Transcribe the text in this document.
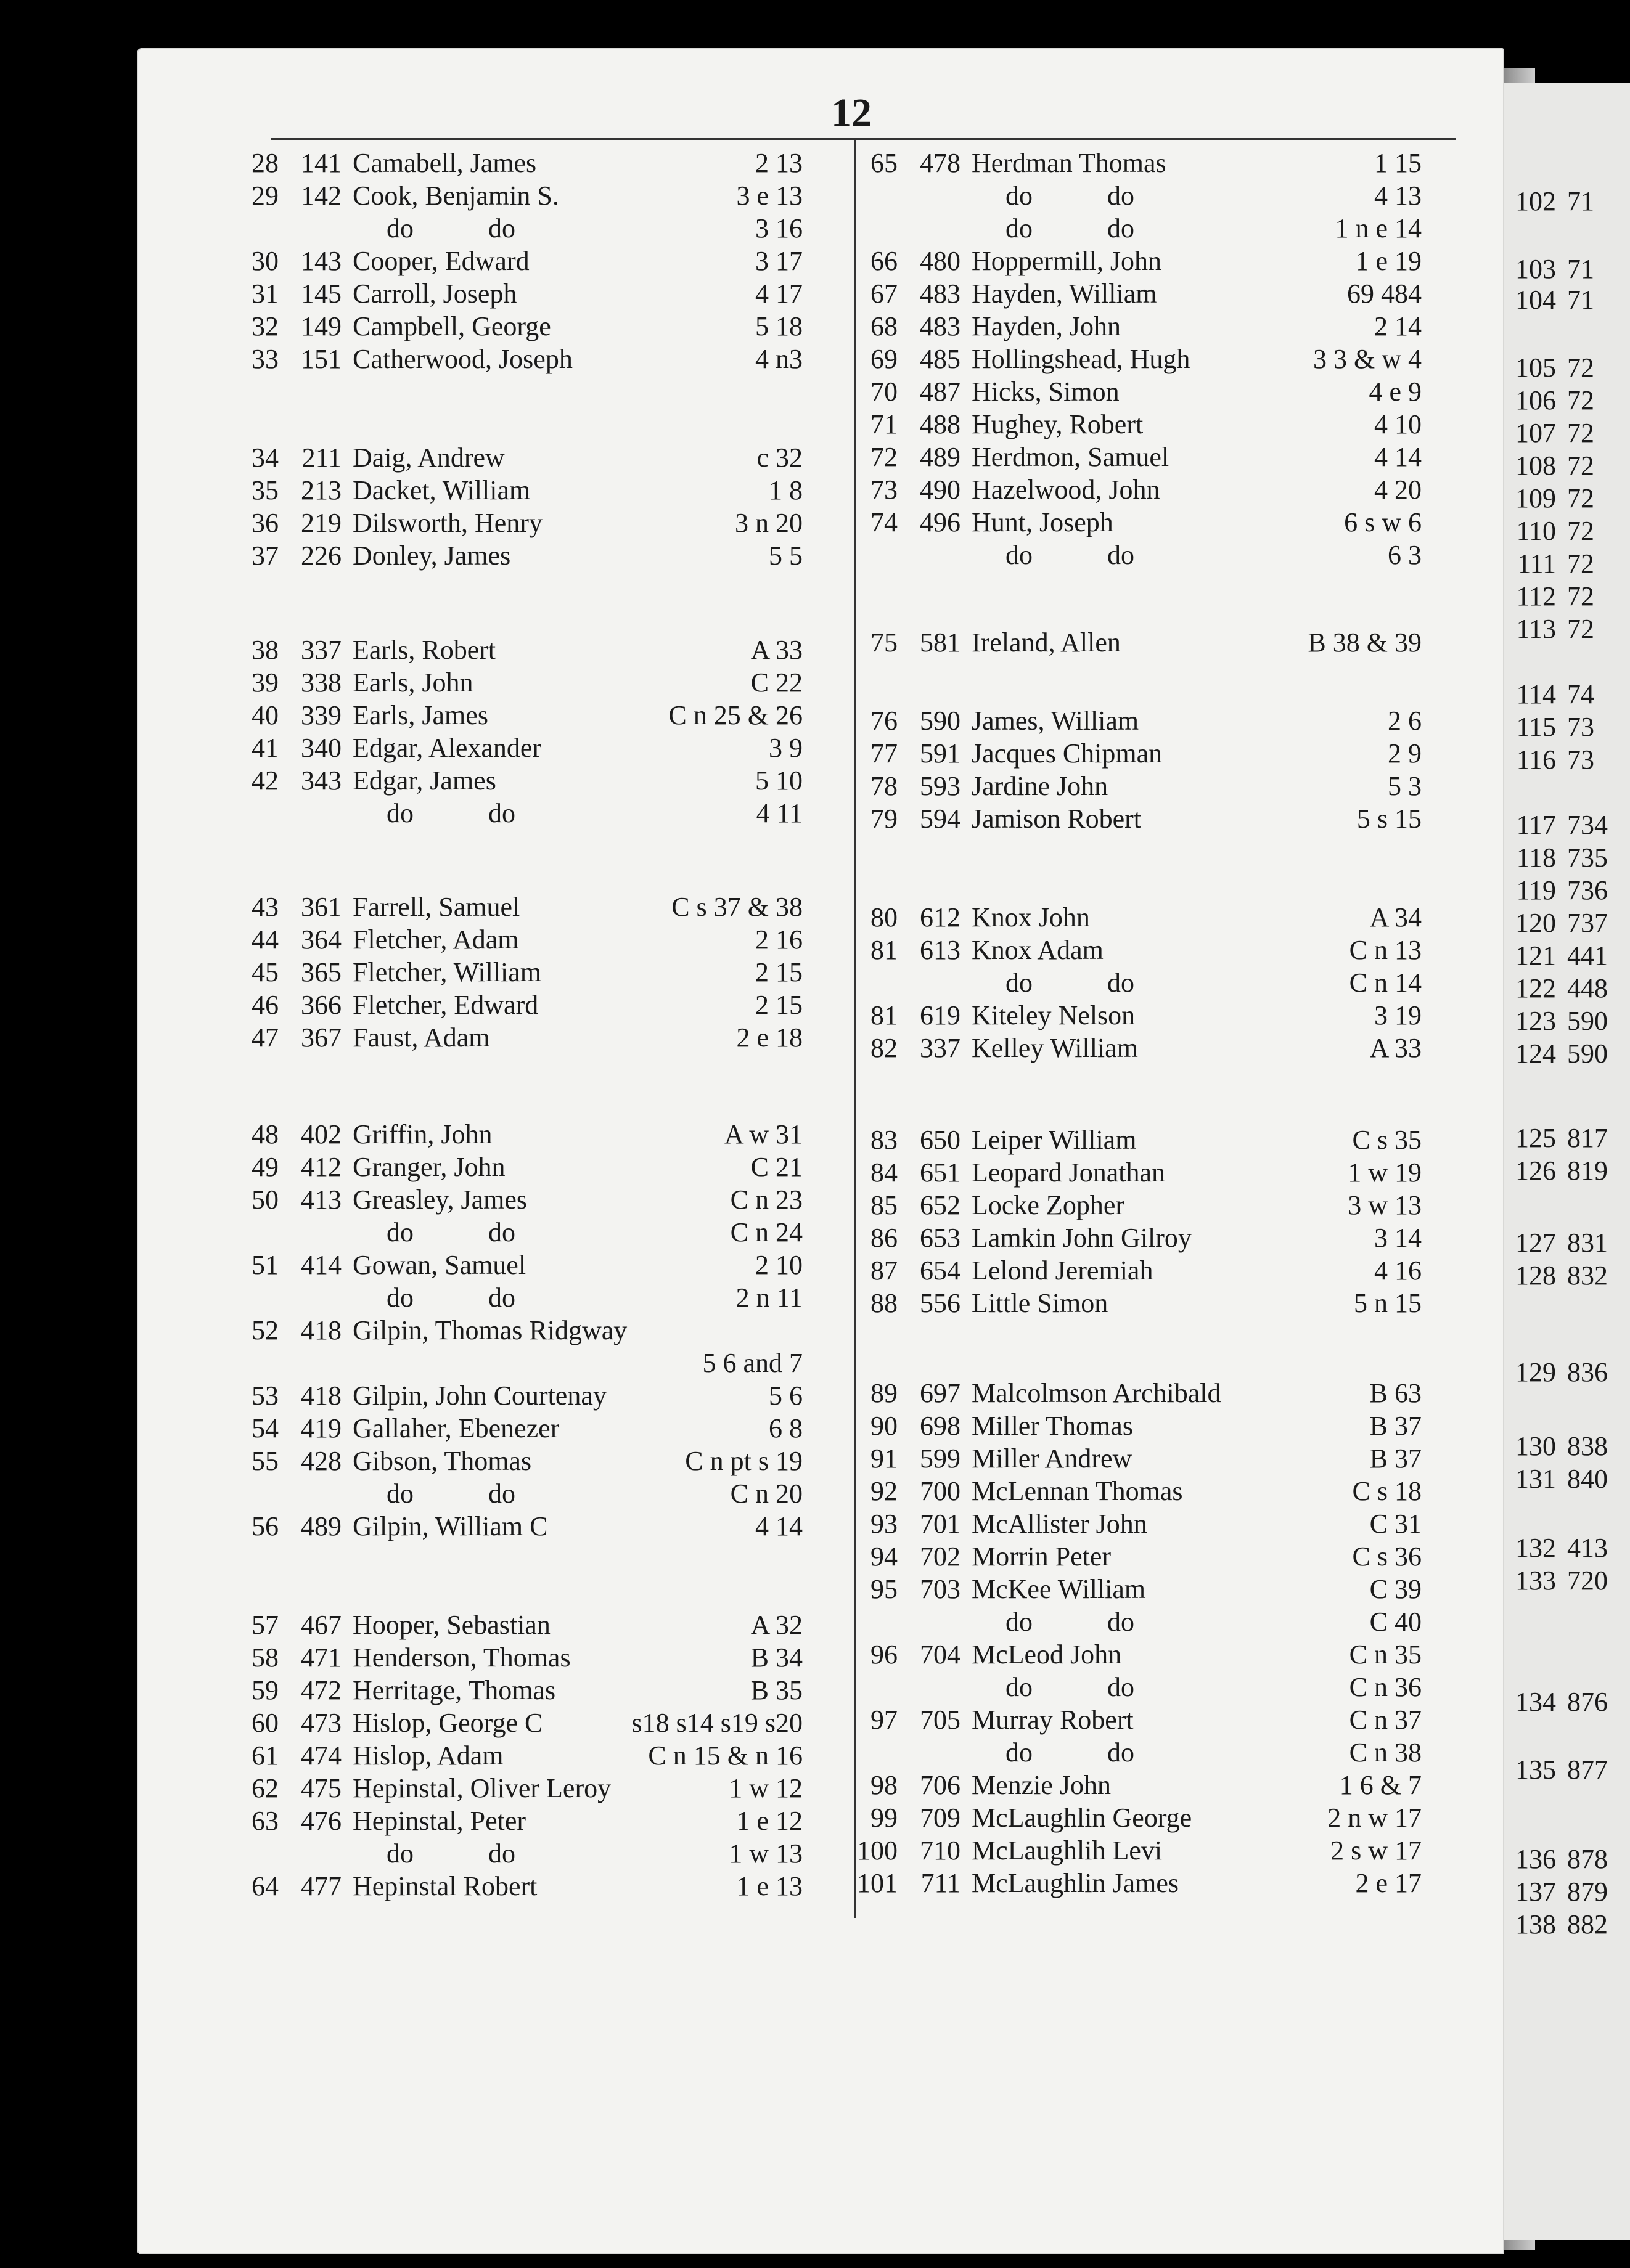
102 71
103 71
104 71
105 72
106 72
107 72
108 72
109 72
110 72
111 72
112 72
113 72
114 74
115 73
116 73
117 734
118 735
119 736
120 737
121 441
122 448
123 590
124 590
125 817
126 819
127 831
128 832
129 836
130 838
131 840
132 413
133 720
134 876
135 877
136 878
137 879
138 882
12
28 141 Camabell, James	2 13
29 142 Cook, Benjamin S.	3 e 13
do do	3 16
30 143 Cooper, Edward	3 17
31 145 Carroll, Joseph	4 17
32 149 Campbell, George	5 18
33 151 Catherwood, Joseph	4 n3
34 211 Daig, Andrew	c 32
35 213 Dacket, William	1 8
36 219 Dilsworth, Henry	3 n 20
37 226 Donley, James	5 5
38 337 Earls, Robert	A 33
39 338 Earls, John	C 22
40 339 Earls, James	C n 25 & 26
41 340 Edgar, Alexander	3 9
42 343 Edgar, James	5 10
do do	4 11
43 361 Farrell, Samuel	C s 37 & 38
44 364 Fletcher, Adam	2 16
45 365 Fletcher, William	2 15
46 366 Fletcher, Edward	2 15
47 367 Faust, Adam	2 e 18
48 402 Griffin, John	A w 31
49 412 Granger, John	C 21
50 413 Greasley, James	C n 23
do do	C n 24
51 414 Gowan, Samuel	2 10
do do	2 n 11
52 418 Gilpin, Thomas Ridgway
5 6 and 7
53 418 Gilpin, John Courtenay	5 6
54 419 Gallaher, Ebenezer	6 8
55 428 Gibson, Thomas	C n pt s 19
do do	C n 20
56 489 Gilpin, William C	4 14
57 467 Hooper, Sebastian	A 32
58 471 Henderson, Thomas	B 34
59 472 Herritage, Thomas	B 35
60 473 Hislop, George C	s18 s14 s19 s20
61 474 Hislop, Adam	C n 15 & n 16
62 475 Hepinstal, Oliver Leroy	1 w 12
63 476 Hepinstal, Peter	1 e 12
do do	1 w 13
64 477 Hepinstal Robert	1 e 13
65 478 Herdman Thomas	1 15
do do	4 13
do do	1 n e 14
66 480 Hoppermill, John	1 e 19
67 483 Hayden, William	69 484
68 483 Hayden, John	2 14
69 485 Hollingshead, Hugh	3 3 & w 4
70 487 Hicks, Simon	4 e 9
71 488 Hughey, Robert	4 10
72 489 Herdmon, Samuel	4 14
73 490 Hazelwood, John	4 20
74 496 Hunt, Joseph	6 s w 6
do do	6 3
75 581 Ireland, Allen	B 38 & 39
76 590 James, William	2 6
77 591 Jacques Chipman	2 9
78 593 Jardine John	5 3
79 594 Jamison Robert	5 s 15
80 612 Knox John	A 34
81 613 Knox Adam	C n 13
do do	C n 14
81 619 Kiteley Nelson	3 19
82 337 Kelley William	A 33
83 650 Leiper William	C s 35
84 651 Leopard Jonathan	1 w 19
85 652 Locke Zopher	3 w 13
86 653 Lamkin John Gilroy	3 14
87 654 Lelond Jeremiah	4 16
88 556 Little Simon	5 n 15
89 697 Malcolmson Archibald	B 63
90 698 Miller Thomas	B 37
91 599 Miller Andrew	B 37
92 700 McLennan Thomas	C s 18
93 701 McAllister John	C 31
94 702 Morrin Peter	C s 36
95 703 McKee William	C 39
do do	C 40
96 704 McLeod John	C n 35
do do	C n 36
97 705 Murray Robert	C n 37
do do	C n 38
98 706 Menzie John	1 6 & 7
99 709 McLaughlin George	2 n w 17
100 710 McLaughlih Levi	2 s w 17
101 711 McLaughlin James	2 e 17
